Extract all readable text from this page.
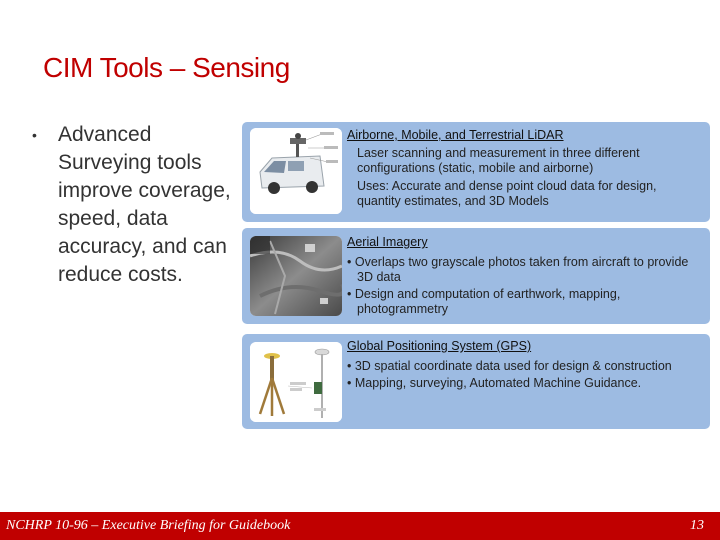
CIM Tools – Sensing
•	Advanced Surveying tools improve coverage, speed, data accuracy, and can reduce costs.
Airborne, Mobile, and Terrestrial LiDAR
Laser scanning and measurement in three different configurations (static, mobile and airborne)
Uses: Accurate and dense point cloud data for design, quantity estimates, and 3D Models
Aerial Imagery
• Overlaps two grayscale photos taken from aircraft to provide 3D data
• Design and computation of earthwork, mapping, photogrammetry
Global Positioning System (GPS)
• 3D spatial coordinate data used for design & construction
• Mapping, surveying, Automated Machine Guidance.
NCHRP 10-96 – Executive Briefing for Guidebook	13
